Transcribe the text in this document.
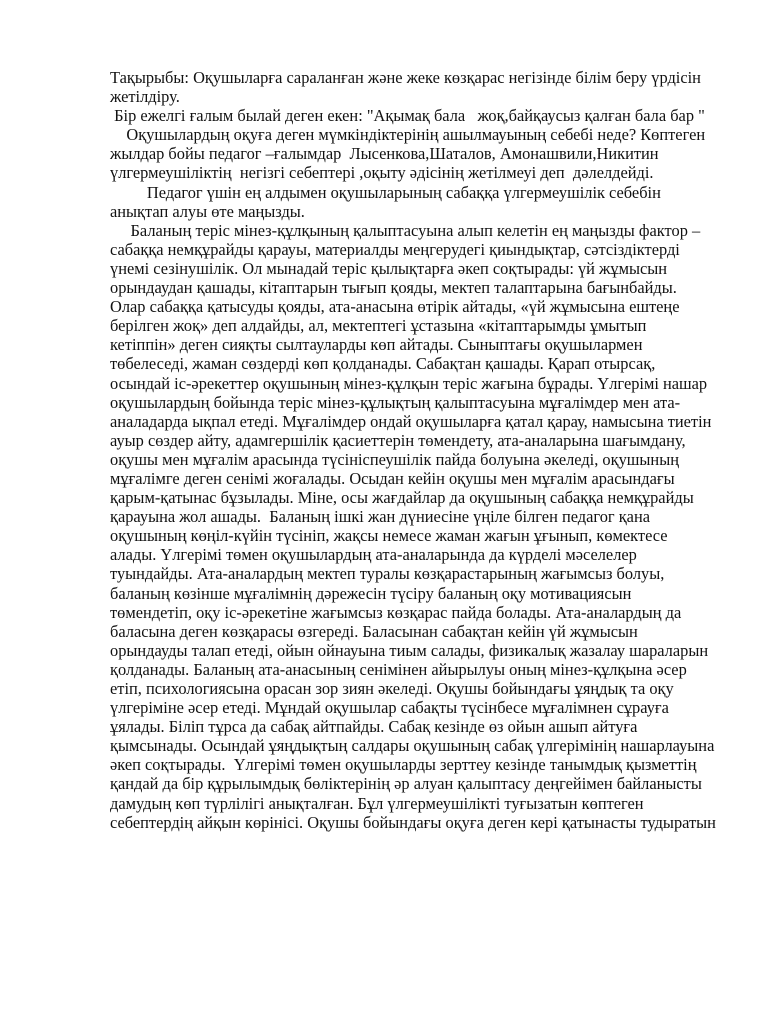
Тақырыбы: Оқушыларға сараланған және жеке көзқарас негізінде білім беру үрдісін жетілдіру.

Бір ежелгі ғалым былай деген екен: "Ақымақ бала   жоқ,байқаусыз қалған бала бар "

Оқушылардың оқуға деген мүмкіндіктерінің ашылмауының себебі неде? Көптеген жылдар бойы педагог –ғалымдар  Лысенкова,Шаталов, Амонашвили,Никитин  үлгермеушіліктің  негізгі себептері ,оқыту әдісінің жетілмеуі деп  дәлелдейді.

Педагог үшін ең алдымен оқушыларының сабаққа үлгермеушілік себебін анықтап алуы өте маңызды.

Баланың теріс мінез-құлқының қалыптасуына алып келетін ең маңызды фактор – сабаққа немқұрайды қарауы, материалды меңгерудегі қиындықтар, сәтсіздіктерді үнемі сезінушілік. Ол мынадай теріс қылықтарға әкеп соқтырады: үй жұмысын орындаудан қашады, кітаптарын тығып қояды, мектеп талаптарына бағынбайды. Олар сабаққа қатысуды қояды, ата-анасына өтірік айтады, «үй жұмысына ештеңе берілген жоқ» деп алдайды, ал, мектептегі ұстазына «кітаптарымды ұмытып кетіппін» деген сияқты сылтауларды көп айтады. Сыныптағы оқушылармен төбелеседі, жаман сөздерді көп қолданады. Сабақтан қашады. Қарап отырсақ, осындай іс-әрекеттер оқушының мінез-құлқын теріс жағына бұрады. Үлгерімі нашар оқушылардың бойында теріс мінез-құлықтың қалыптасуына мұғалімдер мен ата-аналадарда ықпал етеді. Мұғалімдер ондай оқушыларға қатал қарау, намысына тиетін ауыр сөздер айту, адамгершілік қасиеттерін төмендету, ата-аналарына шағымдану, оқушы мен мұғалім арасында түсініспеушілік пайда болуына әкеледі, оқушының мұғалімге деген сенімі жоғалады. Осыдан кейін оқушы мен мұғалім арасындағы қарым-қатынас бұзылады. Міне, осы жағдайлар да оқушының сабаққа немқұрайды қарауына жол ашады.  Баланың ішкі жан дүниесіне үңіле білген педагог қана оқушының көңіл-күйін түсініп, жақсы немесе жаман жағын ұғынып, көмектесе алады. Үлгерімі төмен оқушылардың ата-аналарында да күрделі мәселелер туындайды. Ата-аналардың мектеп туралы көзқарастарының жағымсыз болуы, баланың көзінше мұғалімнің дәрежесін түсіру баланың оқу мотивациясын төмендетіп, оқу іс-әрекетіне жағымсыз көзқарас пайда болады. Ата-аналардың да баласына деген көзқарасы өзгереді. Баласынан сабақтан кейін үй жұмысын орындауды талап етеді, ойын ойнауына тиым салады, физикалық жазалау шараларын қолданады. Баланың ата-анасының сенімінен айырылуы оның мінез-құлқына әсер етіп, психологиясына орасан зор зиян әкеледі. Оқушы бойындағы ұяңдық та оқу үлгеріміне әсер етеді. Мұндай оқушылар сабақты түсінбесе мұғалімнен сұрауға ұялады. Біліп тұрса да сабақ айтпайды. Сабақ кезінде өз ойын ашып айтуға қымсынады. Осындай ұяңдықтың салдары оқушының сабақ үлгерімінің нашарлауына әкеп соқтырады.  Үлгерімі төмен оқушыларды зерттеу кезінде танымдық қызметтің қандай да бір құрылымдық бөліктерінің әр алуан қалыптасу деңгейімен байланысты дамудың көп түрлілігі анықталған. Бұл үлгермеушілікті туғызатын көптеген себептердің айқын көрінісі. Оқушы бойындағы оқуға деген кері қатынасты тудыратын
